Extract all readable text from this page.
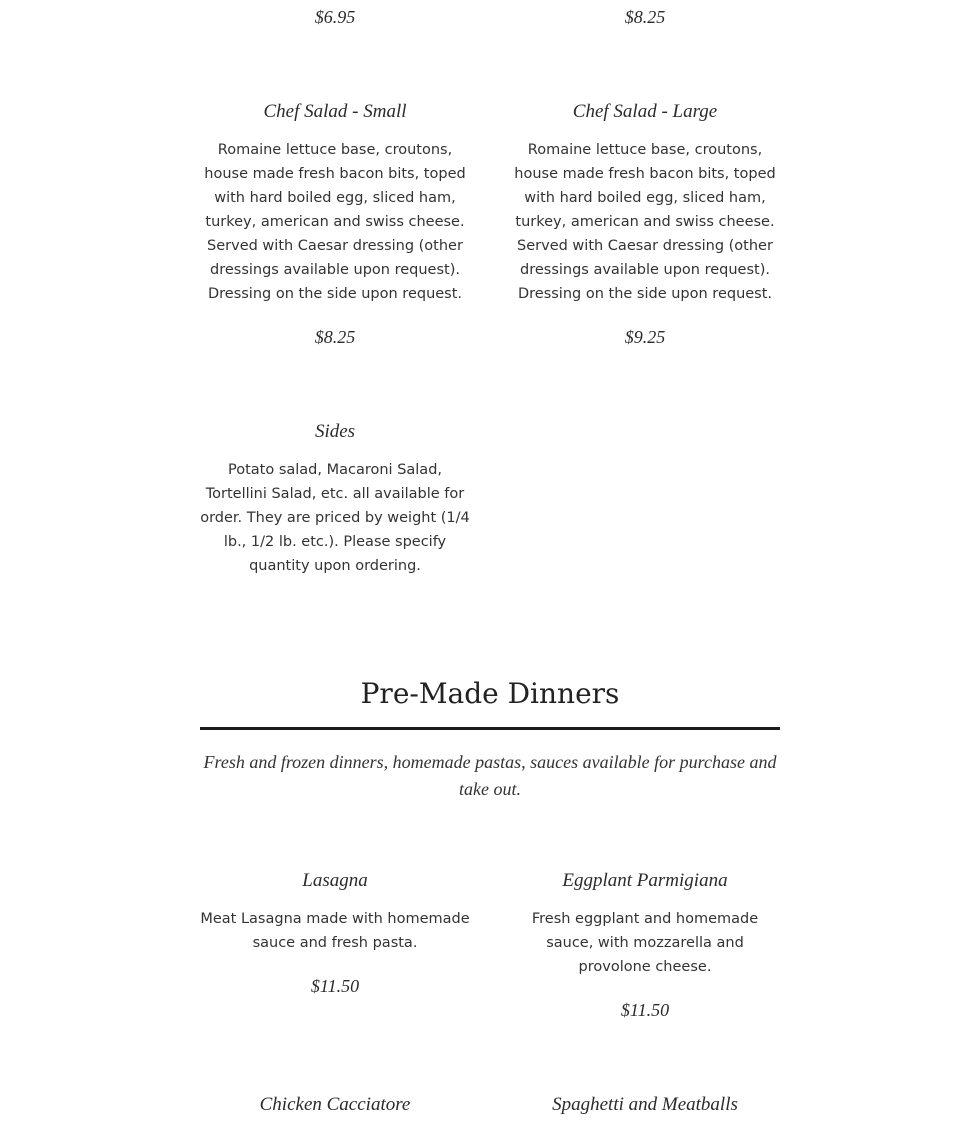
$6.95	$8.25
Chef Salad - Small
Romaine lettuce base, croutons, house made fresh bacon bits, toped with hard boiled egg, sliced ham, turkey, american and swiss cheese. Served with Caesar dressing (other dressings available upon request). Dressing on the side upon request.
$8.25
Chef Salad - Large
Romaine lettuce base, croutons, house made fresh bacon bits, toped with hard boiled egg, sliced ham, turkey, american and swiss cheese. Served with Caesar dressing (other dressings available upon request). Dressing on the side upon request.
$9.25
Sides
Potato salad, Macaroni Salad, Tortellini Salad, etc. all available for order. They are priced by weight (1/4 lb., 1/2 lb. etc.). Please specify quantity upon ordering.
Pre-Made Dinners
Fresh and frozen dinners, homemade pastas, sauces available for purchase and take out.
Lasagna
Meat Lasagna made with homemade sauce and fresh pasta.
$11.50
Eggplant Parmigiana
Fresh eggplant and homemade sauce, with mozzarella and provolone cheese.
$11.50
Chicken Cacciatore	Spaghetti and Meatballs
